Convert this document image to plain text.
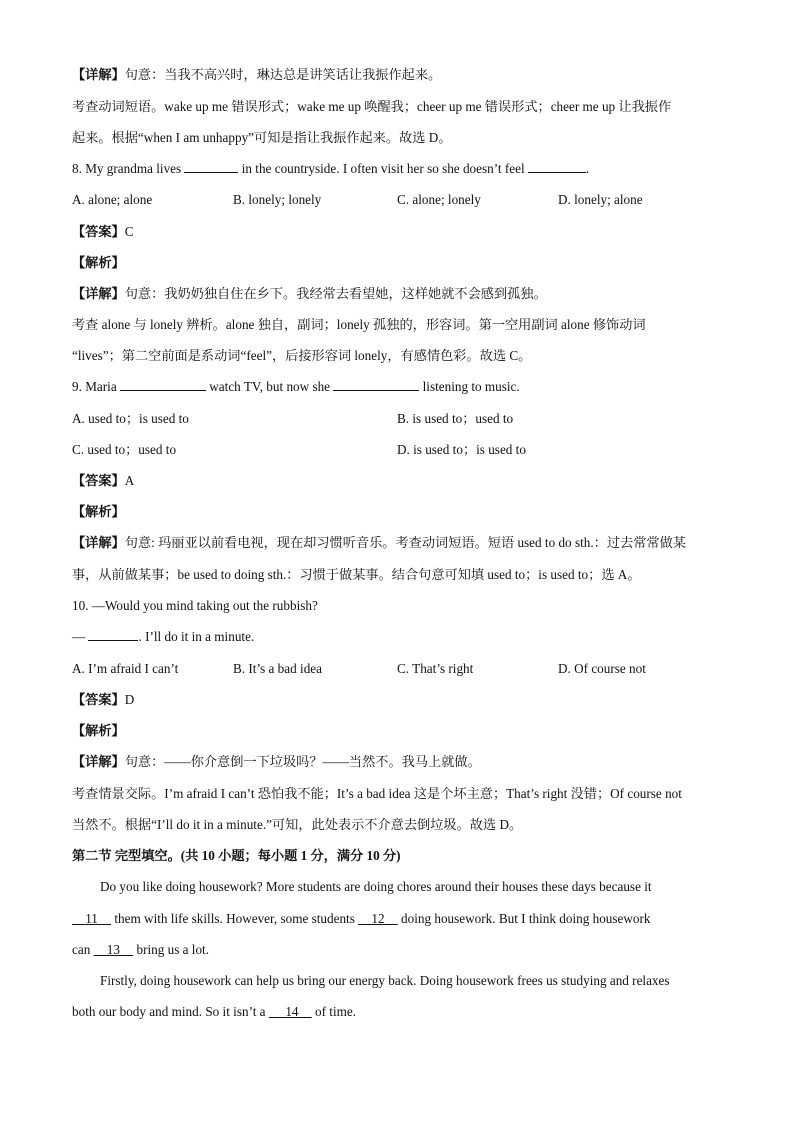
【详解】句意：当我不高兴时，琳达总是讲笑话让我振作起来。
考查动词短语。wake up me 错误形式；wake me up 唤醒我；cheer up me 错误形式；cheer me up 让我振作
起来。根据“when I am unhappy”可知是指让我振作起来。故选 D。
8. My grandma lives	in the countryside. I often visit her so she doesn’t feel	.
A. alone; alone	B. lonely; lonely	C. alone; lonely	D. lonely; alone
【答案】C
【解析】
【详解】句意：我奶奶独自住在乡下。我经常去看望她，这样她就不会感到孤独。
考查 alone 与 lonely 辨析。alone 独自，副词；lonely 孤独的，形容词。第一空用副词 alone 修饰动词
“lives”；第二空前面是系动词“feel”，后接形容词 lonely，有感情色彩。故选 C。
9. Maria	watch TV, but now she	listening to music.
A. used to；is used to	B. is used to；used to
C. used to；used to	D. is used to；is used to
【答案】A
【解析】
【详解】句意: 玛丽亚以前看电视，现在却习惯听音乐。考查动词短语。短语 used to do sth.：过去常常做某
事，从前做某事；be used to doing sth.：习惯于做某事。结合句意可知填 used to；is used to；选 A。
10. —Would you mind taking out the rubbish?
—	. I’ll do it in a minute.
A. I’m afraid I can’t	B. It’s a bad idea	C. That’s right	D. Of course not
【答案】D
【解析】
【详解】句意：——你介意倒一下垃圾吗？——当然不。我马上就做。
考查情景交际。I’m afraid I can’t 恐怕我不能；It’s a bad idea 这是个坏主意；That’s right 没错；Of course not
当然不。根据“I’ll do it in a minute.”可知，此处表示不介意去倒垃圾。故选 D。
第二节 完型填空。(共 10 小题；每小题 1 分，满分 10 分)
Do you like doing housework? More students are doing chores around their houses these days because it
11 them with life skills. However, some students 12 doing housework. But I think doing housework
can 13 bring us a lot.
Firstly, doing housework can help us bring our energy back. Doing housework frees us studying and relaxes
both our body and mind. So it isn’t a 14 of time.
